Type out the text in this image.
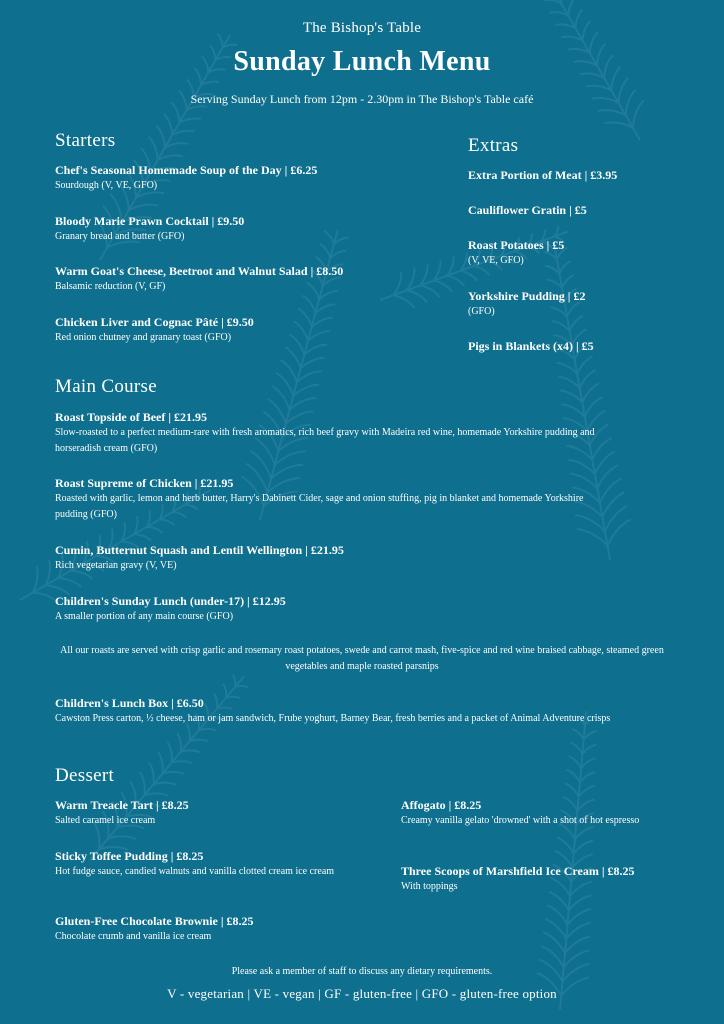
The Bishop's Table
Sunday Lunch Menu
Serving Sunday Lunch from 12pm - 2.30pm in The Bishop's Table café
Starters
Chef's Seasonal Homemade Soup of the Day | £6.25
Sourdough (V, VE, GFO)
Bloody Marie Prawn Cocktail | £9.50
Granary bread and butter (GFO)
Warm Goat's Cheese, Beetroot and Walnut Salad | £8.50
Balsamic reduction (V, GF)
Chicken Liver and Cognac Pâté | £9.50
Red onion chutney and granary toast (GFO)
Extras
Extra Portion of Meat | £3.95
Cauliflower Gratin | £5
Roast Potatoes | £5
(V, VE, GFO)
Yorkshire Pudding | £2
(GFO)
Pigs in Blankets (x4) | £5
Main Course
Roast Topside of Beef | £21.95
Slow-roasted to a perfect medium-rare with fresh aromatics, rich beef gravy with Madeira red wine, homemade Yorkshire pudding and horseradish cream (GFO)
Roast Supreme of Chicken | £21.95
Roasted with garlic, lemon and herb butter, Harry's Dabinett Cider, sage and onion stuffing, pig in blanket and homemade Yorkshire pudding (GFO)
Cumin, Butternut Squash and Lentil Wellington | £21.95
Rich vegetarian gravy (V, VE)
Children's Sunday Lunch (under-17) | £12.95
A smaller portion of any main course (GFO)
All our roasts are served with crisp garlic and rosemary roast potatoes, swede and carrot mash, five-spice and red wine braised cabbage, steamed green vegetables and maple roasted parsnips
Children's Lunch Box | £6.50
Cawston Press carton, ½ cheese, ham or jam sandwich, Frube yoghurt, Barney Bear, fresh berries and a packet of Animal Adventure crisps
Dessert
Warm Treacle Tart | £8.25
Salted caramel ice cream
Sticky Toffee Pudding | £8.25
Hot fudge sauce, candied walnuts and vanilla clotted cream ice cream
Gluten-Free Chocolate Brownie | £8.25
Chocolate crumb and vanilla ice cream
Affogato | £8.25
Creamy vanilla gelato 'drowned' with a shot of hot espresso
Three Scoops of Marshfield Ice Cream | £8.25
With toppings
Please ask a member of staff to discuss any dietary requirements.
V - vegetarian | VE - vegan | GF - gluten-free | GFO - gluten-free option
